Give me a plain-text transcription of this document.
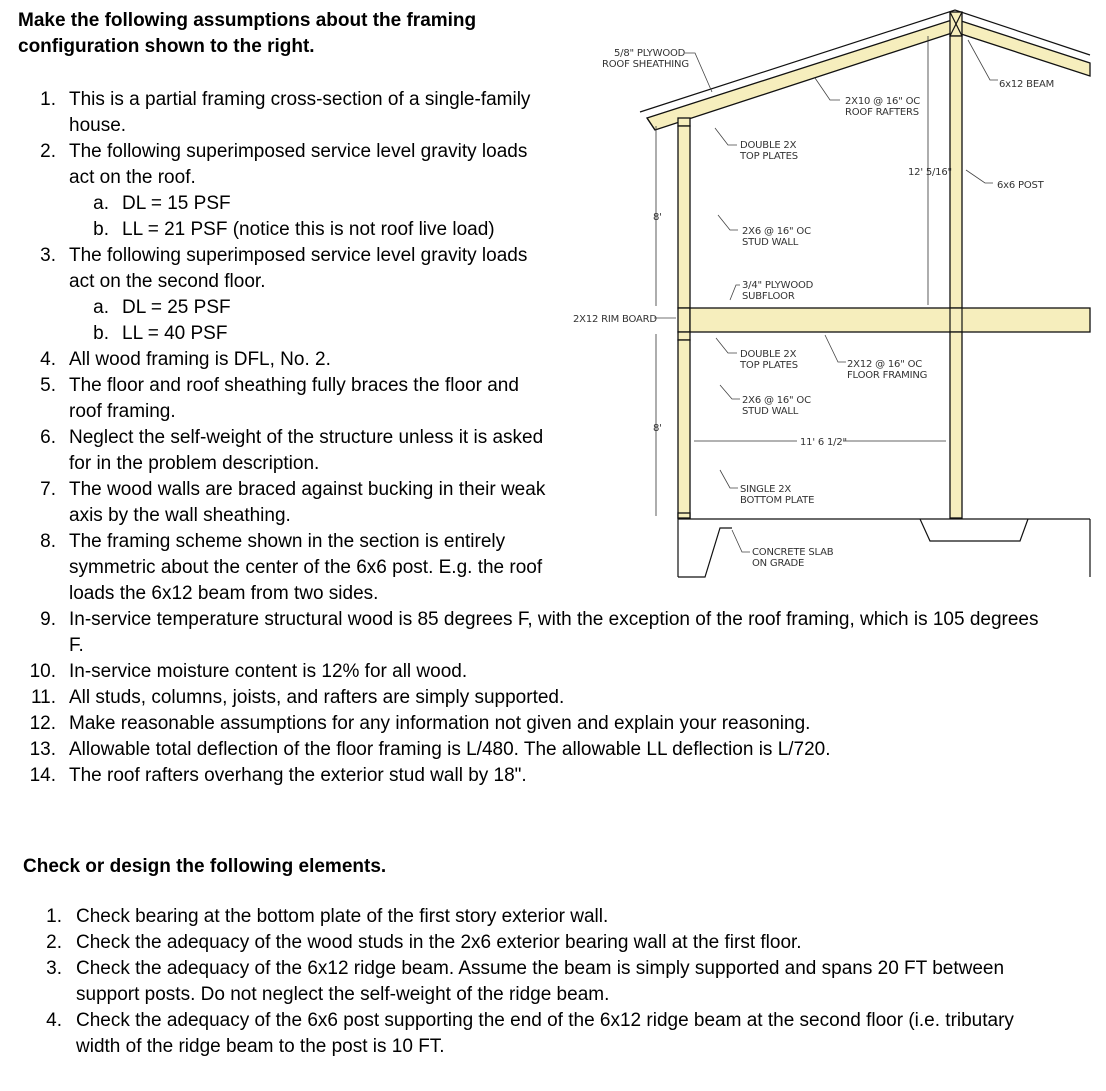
Make the following assumptions about the framing configuration shown to the right.
1. This is a partial framing cross-section of a single-family house.
2. The following superimposed service level gravity loads act on the roof.
a. DL = 15 PSF
b. LL = 21 PSF (notice this is not roof live load)
3. The following superimposed service level gravity loads act on the second floor.
a. DL = 25 PSF
b. LL = 40 PSF
4. All wood framing is DFL, No. 2.
5. The floor and roof sheathing fully braces the floor and roof framing.
6. Neglect the self-weight of the structure unless it is asked for in the problem description.
7. The wood walls are braced against bucking in their weak axis by the wall sheathing.
8. The framing scheme shown in the section is entirely symmetric about the center of the 6x6 post. E.g. the roof loads the 6x12 beam from two sides.
9. In-service temperature structural wood is 85 degrees F, with the exception of the roof framing, which is 105 degrees F.
10. In-service moisture content is 12% for all wood.
11. All studs, columns, joists, and rafters are simply supported.
12. Make reasonable assumptions for any information not given and explain your reasoning.
13. Allowable total deflection of the floor framing is L/480. The allowable LL deflection is L/720.
14. The roof rafters overhang the exterior stud wall by 18".
Check or design the following elements.
1. Check bearing at the bottom plate of the first story exterior wall.
2. Check the adequacy of the wood studs in the 2x6 exterior bearing wall at the first floor.
3. Check the adequacy of the 6x12 ridge beam. Assume the beam is simply supported and spans 20 FT between support posts. Do not neglect the self-weight of the ridge beam.
4. Check the adequacy of the 6x6 post supporting the end of the 6x12 ridge beam at the second floor (i.e. tributary width of the ridge beam to the post is 10 FT.
5/8" PLYWOOD ROOF SHEATHING
2X10 @ 16" OC ROOF RAFTERS
6x12 BEAM
DOUBLE 2X TOP PLATES
12' 5/16"
6x6 POST
8'
2X6 @ 16" OC STUD WALL
3/4" PLYWOOD SUBFLOOR
2X12 RIM BOARD
DOUBLE 2X TOP PLATES	2X12 @ 16" OC FLOOR FRAMING
2X6 @ 16" OC STUD WALL
8'
11' 6 1/2"
SINGLE 2X BOTTOM PLATE
CONCRETE SLAB ON GRADE
